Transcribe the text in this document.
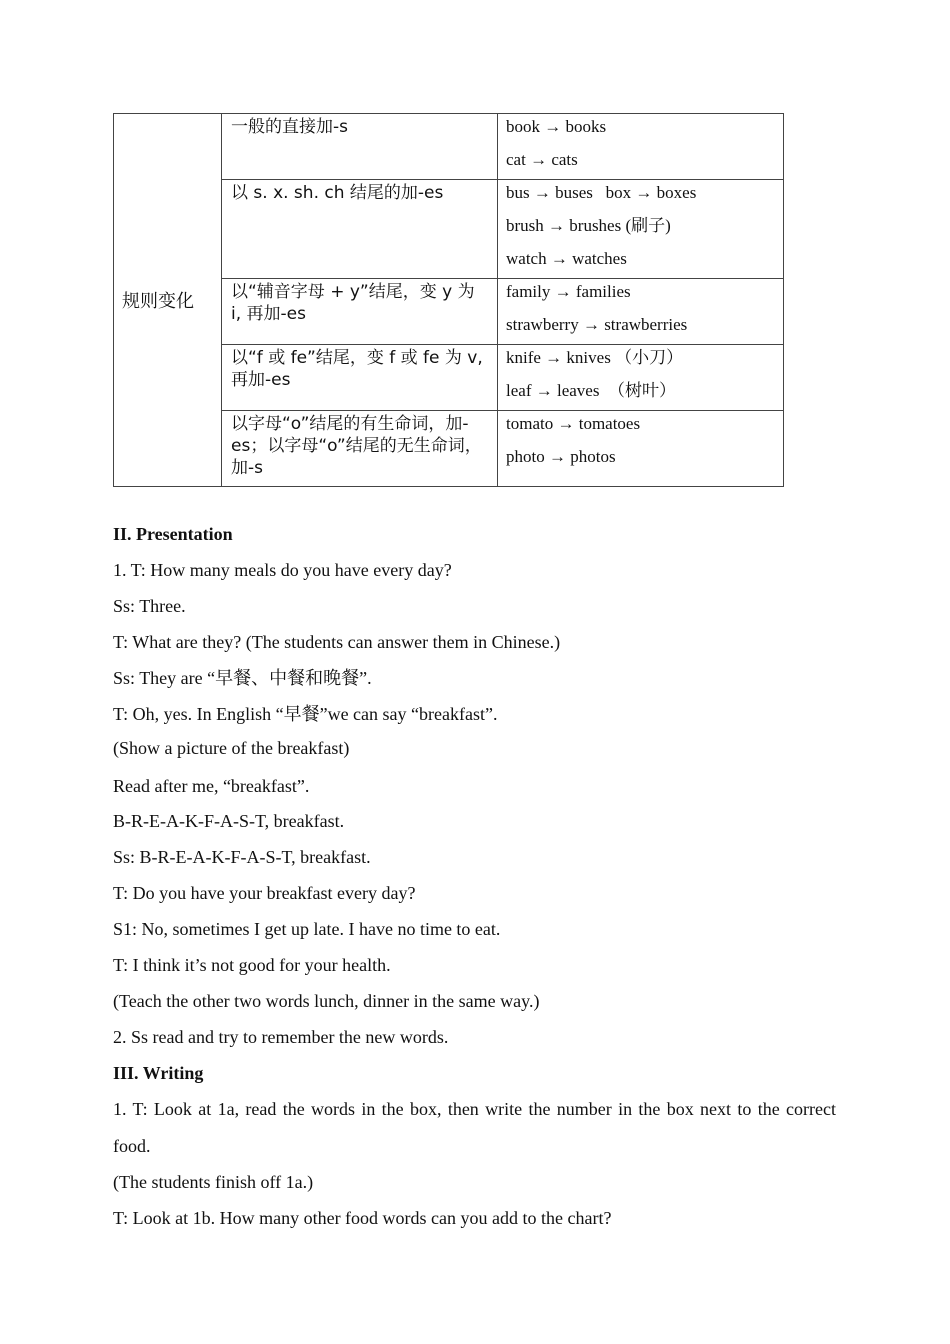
规则变化	一般的直接加-s	book → books
cat → cats

	以 s. x. sh. ch 结尾的加-es	bus → buses   box → boxes
brush → brushes (刷子)
watch → watches

	以“辅音字母 + y”结尾，变 y 为 i, 再加-es	family → families
strawberry → strawberries

	以“f 或 fe”结尾，变 f 或 fe 为 v, 再加-es	knife → knives （小刀）
leaf → leaves  （树叶）

	以字母“o”结尾的有生命词，加-es；以字母“o”结尾的无生命词，加-s	tomato → tomatoes
photo → photos
II. Presentation
1. T: How many meals do you have every day?
Ss: Three.
T: What are they? (The students can answer them in Chinese.)
Ss: They are “早餐、中餐和晚餐”.
T: Oh, yes. In English “早餐”we can say “breakfast”.
(Show a picture of the breakfast)
Read after me, “breakfast”.
B-R-E-A-K-F-A-S-T, breakfast.
Ss: B-R-E-A-K-F-A-S-T, breakfast.
T: Do you have your breakfast every day?
S1: No, sometimes I get up late. I have no time to eat.
T: I think it’s not good for your health.
(Teach the other two words lunch, dinner in the same way.)
2. Ss read and try to remember the new words.
III. Writing
1. T: Look at 1a, read the words in the box, then write the number in the box next to the correct food.
(The students finish off 1a.)
T: Look at 1b. How many other food words can you add to the chart?
